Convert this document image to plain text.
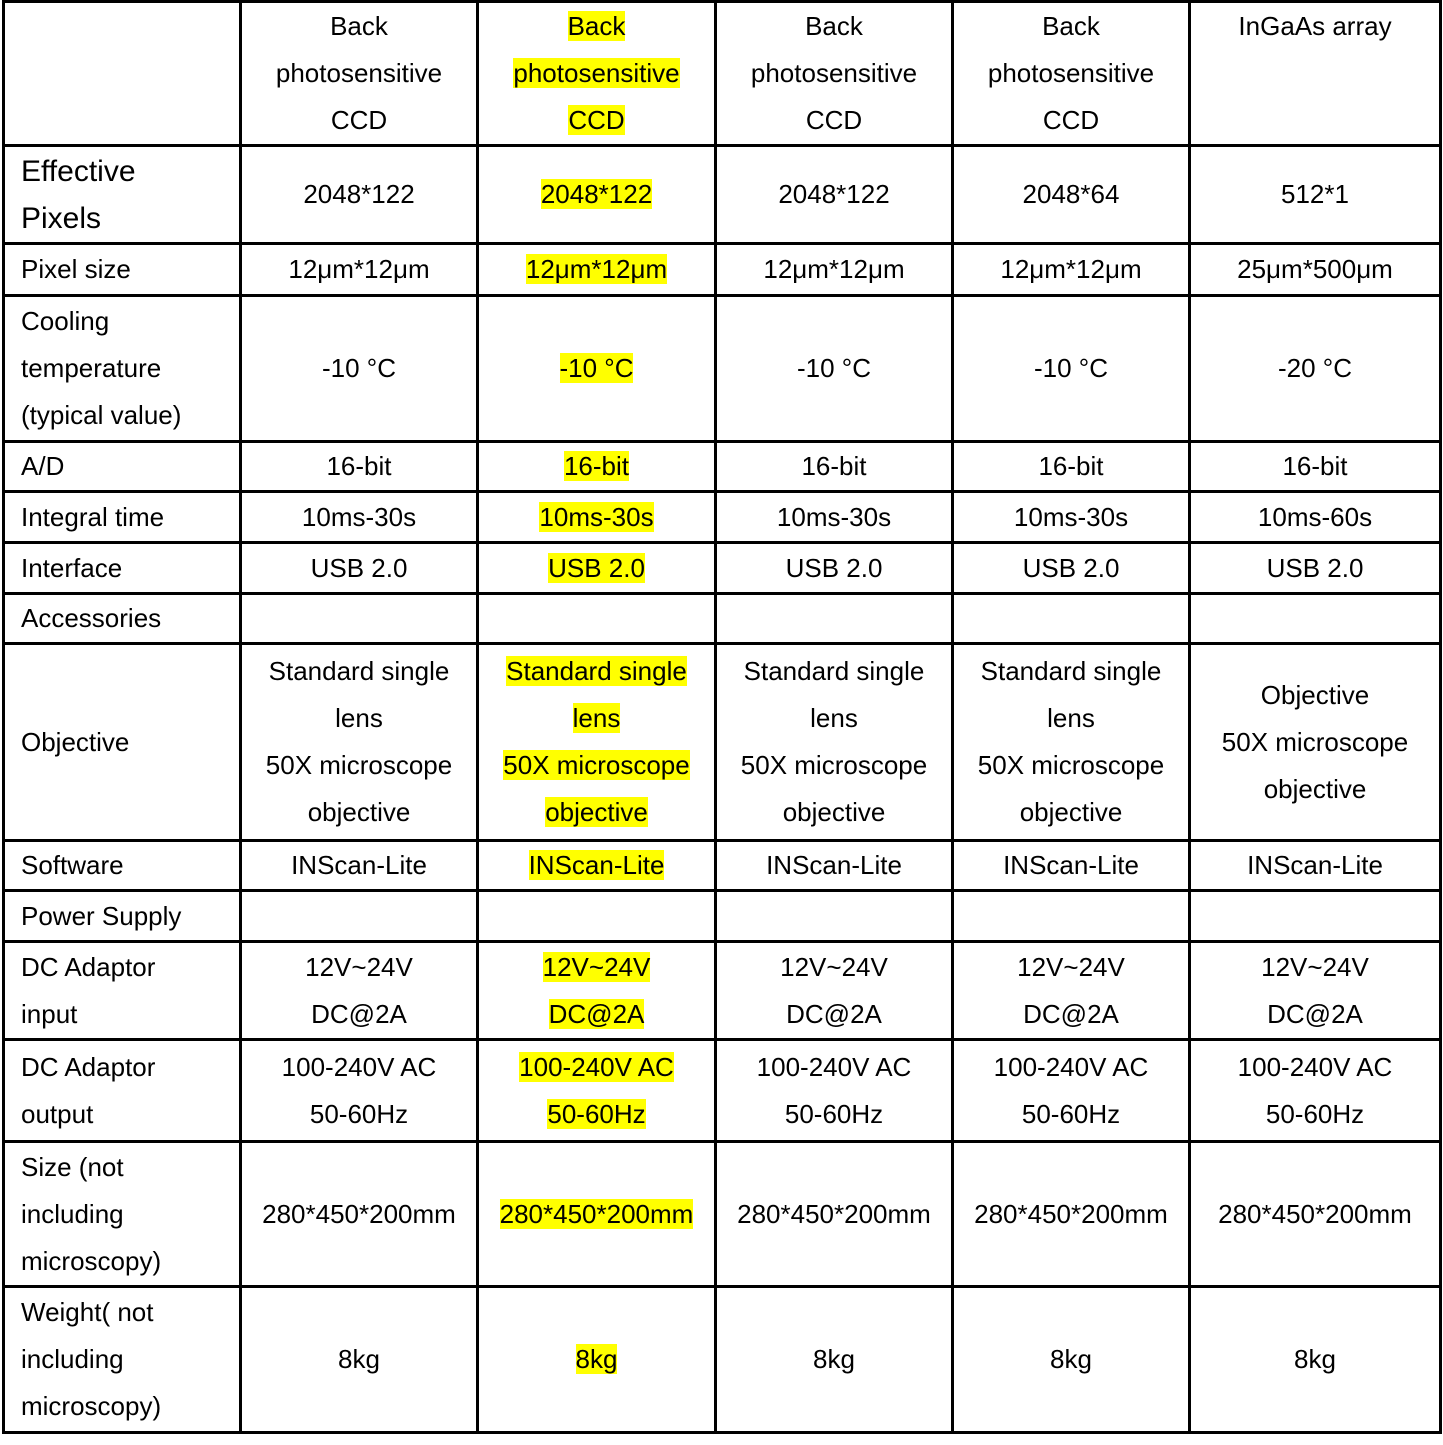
	Back
photosensitive
CCD	Back
photosensitive
CCD	Back
photosensitive
CCD	Back
photosensitive
CCD	InGaAs array

Effective
Pixels	2048*122	2048*122	2048*122	2048*64	512*1

Pixel size	12μm*12μm	12μm*12μm	12μm*12μm	12μm*12μm	25μm*500μm

Cooling
temperature
(typical value)	-10 °C	-10 °C	-10 °C	-10 °C	-20 °C

A/D	16-bit	16-bit	16-bit	16-bit	16-bit

Integral time	10ms-30s	10ms-30s	10ms-30s	10ms-30s	10ms-60s

Interface	USB 2.0	USB 2.0	USB 2.0	USB 2.0	USB 2.0

Accessories					

Objective	Standard single
lens
50X microscope
objective	Standard single
lens
50X microscope
objective	Standard single
lens
50X microscope
objective	Standard single
lens
50X microscope
objective	Objective
50X microscope
objective

Software	INScan-Lite	INScan-Lite	INScan-Lite	INScan-Lite	INScan-Lite

Power Supply					

DC Adaptor
input	12V~24V
DC@2A	12V~24V
DC@2A	12V~24V
DC@2A	12V~24V
DC@2A	12V~24V
DC@2A

DC Adaptor
output	100-240V AC
50-60Hz	100-240V AC
50-60Hz	100-240V AC
50-60Hz	100-240V AC
50-60Hz	100-240V AC
50-60Hz

Size (not
including
microscopy)	280*450*200mm	280*450*200mm	280*450*200mm	280*450*200mm	280*450*200mm

Weight( not
including
microscopy)	8kg	8kg	8kg	8kg	8kg
